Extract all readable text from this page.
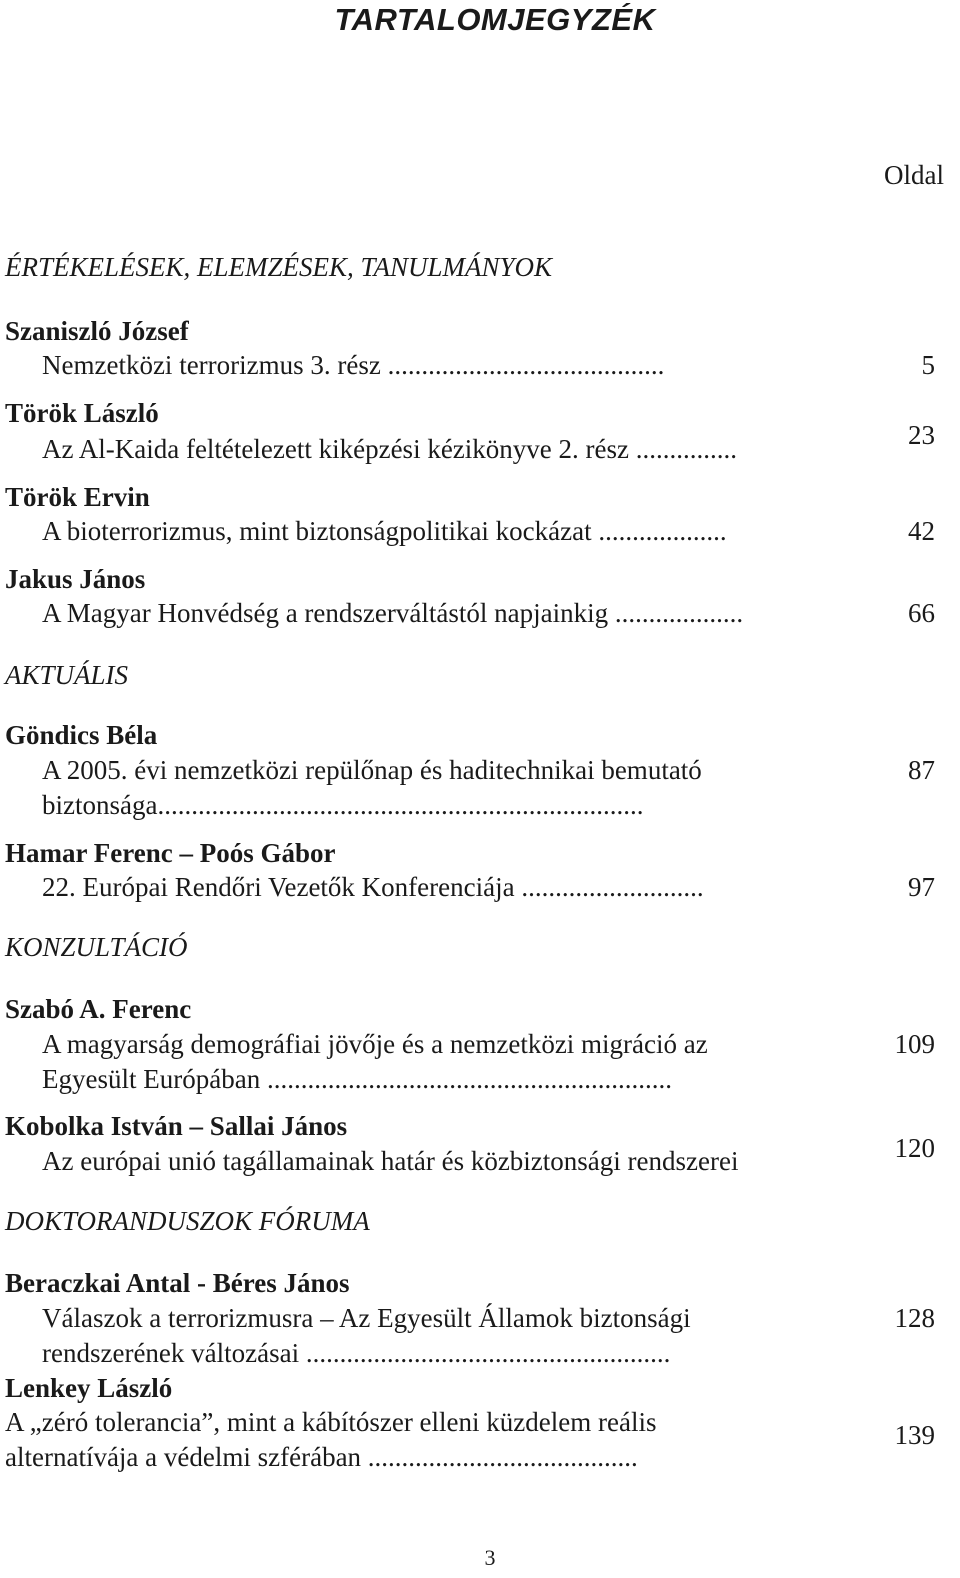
TARTALOMJEGYZÉK
Oldal
ÉRTÉKELÉSEK, ELEMZÉSEK, TANULMÁNYOK
Szaniszló József
Nemzetközi terrorizmus 3. rész .........................................	5
Török László
Az Al-Kaida feltételezett kiképzési kézikönyve 2. rész ...............	23
Török Ervin
A bioterrorizmus, mint biztonságpolitikai kockázat ...................	42
Jakus János
A Magyar Honvédség a rendszerváltástól napjainkig ...................	66
AKTUÁLIS
Göndics Béla
A 2005. évi nemzetközi repülőnap és haditechnikai bemutató
biztonsága........................................................................
87
Hamar Ferenc – Poós Gábor
22. Európai Rendőri Vezetők Konferenciája ...........................	97
KONZULTÁCIÓ
Szabó A. Ferenc
A magyarság demográfiai jövője és a nemzetközi migráció az
Egyesült Európában ............................................................
109
Kobolka István – Sallai János
Az európai unió tagállamainak határ és közbiztonsági rendszerei	120
DOKTORANDUSZOK FÓRUMA
Beraczkai Antal - Béres János
Válaszok a terrorizmusra – Az Egyesült Államok biztonsági
rendszerének változásai ......................................................
128
Lenkey László
A „zéró tolerancia”, mint a kábítószer elleni küzdelem reális
alternatívája a védelmi szférában ........................................
139
3
